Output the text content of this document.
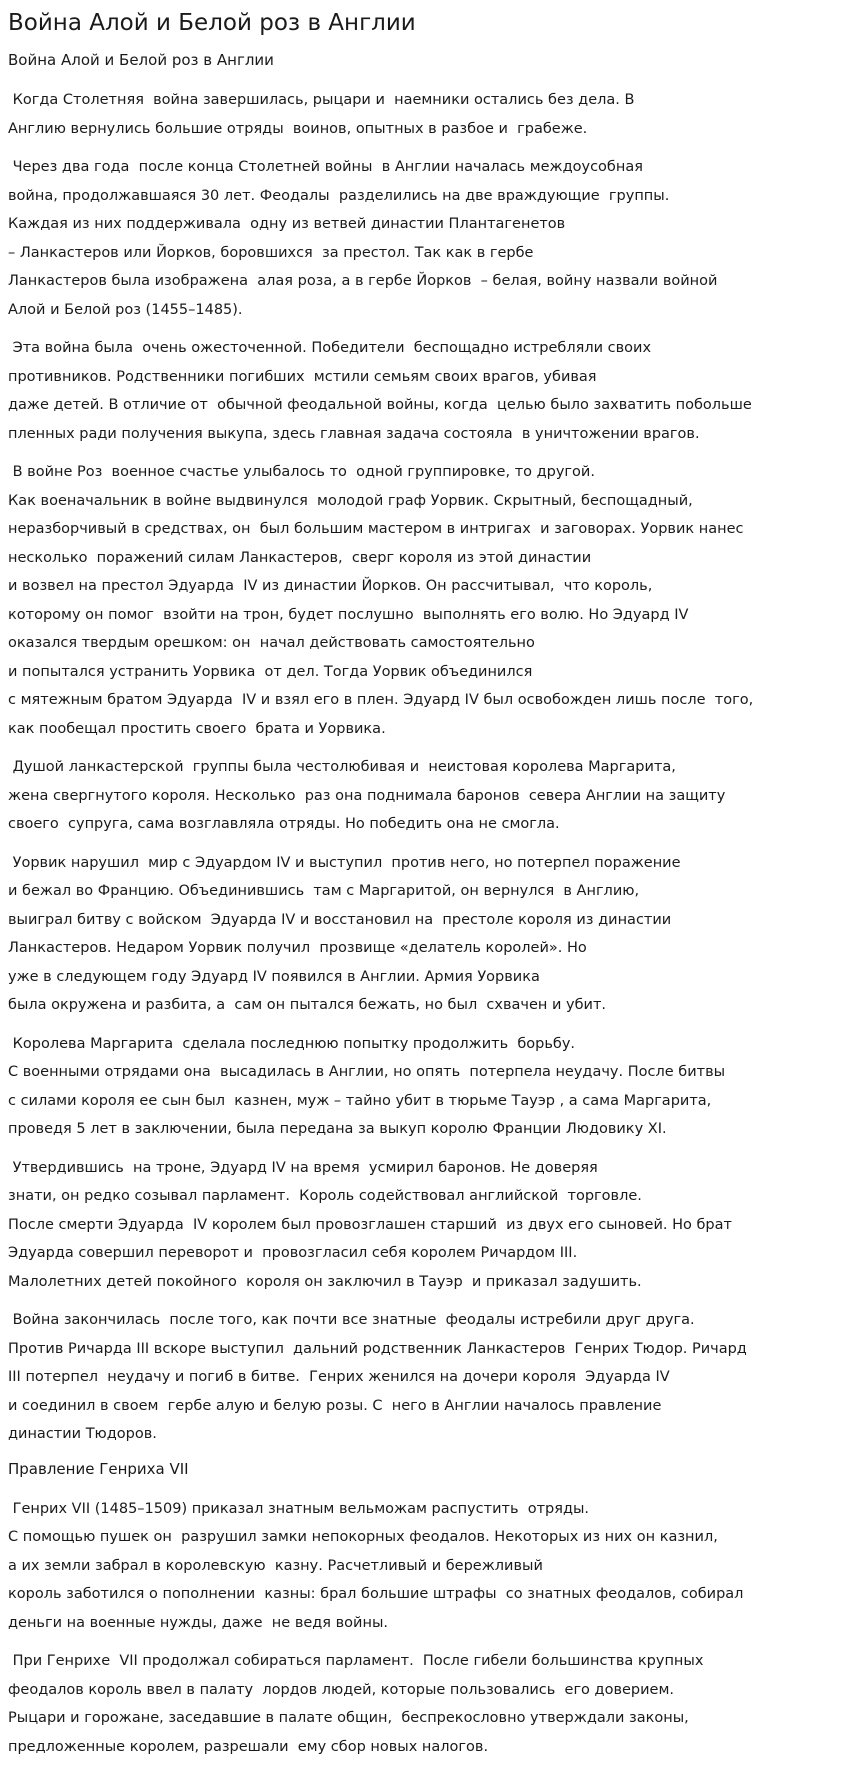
Война Алой и Белой роз в Англии
Война Алой и Белой роз в Англии
Когда Столетняя  война завершилась, рыцари и  наемники остались без дела. В
Англию вернулись большие отряды  воинов, опытных в разбое и  грабеже.
Через два года  после конца Столетней войны  в Англии началась междоусобная
война, продолжавшаяся 30 лет. Феодалы  разделились на две враждующие  группы.
Каждая из них поддерживала  одну из ветвей династии Плантагенетов
– Ланкастеров или Йорков, боровшихся  за престол. Так как в гербе
Ланкастеров была изображена  алая роза, а в гербе Йорков  – белая, войну назвали войной
Алой и Белой роз (1455–1485).
Эта война была  очень ожесточенной. Победители  беспощадно истребляли своих
противников. Родственники погибших  мстили семьям своих врагов, убивая
даже детей. В отличие от  обычной феодальной войны, когда  целью было захватить побольше
пленных ради получения выкупа, здесь главная задача состояла  в уничтожении врагов.
В войне Роз  военное счастье улыбалось то  одной группировке, то другой.
Как военачальник в войне выдвинулся  молодой граф Уорвик. Скрытный, беспощадный,
неразборчивый в средствах, он  был большим мастером в интригах  и заговорах. Уорвик нанес
несколько  поражений силам Ланкастеров,  сверг короля из этой династии
и возвел на престол Эдуарда  IV из династии Йорков. Он рассчитывал,  что король,
которому он помог  взойти на трон, будет послушно  выполнять его волю. Но Эдуард IV
оказался твердым орешком: он  начал действовать самостоятельно
и попытался устранить Уорвика  от дел. Тогда Уорвик объединился
с мятежным братом Эдуарда  IV и взял его в плен. Эдуард IV был освобожден лишь после  того,
как пообещал простить своего  брата и Уорвика.
Душой ланкастерской  группы была честолюбивая и  неистовая королева Маргарита,
жена свергнутого короля. Несколько  раз она поднимала баронов  севера Англии на защиту
своего  супруга, сама возглавляла отряды. Но победить она не смогла.
Уорвик нарушил  мир с Эдуардом IV и выступил  против него, но потерпел поражение
и бежал во Францию. Объединившись  там с Маргаритой, он вернулся  в Англию,
выиграл битву с войском  Эдуарда IV и восстановил на  престоле короля из династии
Ланкастеров. Недаром Уорвик получил  прозвище «делатель королей». Но
уже в следующем году Эдуард IV появился в Англии. Армия Уорвика
была окружена и разбита, а  сам он пытался бежать, но был  схвачен и убит.
Королева Маргарита  сделала последнюю попытку продолжить  борьбу.
С военными отрядами она  высадилась в Англии, но опять  потерпела неудачу. После битвы
с силами короля ее сын был  казнен, муж – тайно убит в тюрьме Тауэр , а сама Маргарита,
проведя 5 лет в заключении, была передана за выкуп королю Франции Людовику XI.
Утвердившись  на троне, Эдуард IV на время  усмирил баронов. Не доверяя
знати, он редко созывал парламент.  Король содействовал английской  торговле.
После смерти Эдуарда  IV королем был провозглашен старший  из двух его сыновей. Но брат
Эдуарда совершил переворот и  провозгласил себя королем Ричардом III.
Малолетних детей покойного  короля он заключил в Тауэр  и приказал задушить.
Война закончилась  после того, как почти все знатные  феодалы истребили друг друга.
Против Ричарда III вскоре выступил  дальний родственник Ланкастеров  Генрих Тюдор. Ричард
III потерпел  неудачу и погиб в битве.  Генрих женился на дочери короля  Эдуарда IV
и соединил в своем  гербе алую и белую розы. С  него в Англии началось правление
династии Тюдоров.
Правление Генриха VII
Генрих VII (1485–1509) приказал знатным вельможам распустить  отряды.
С помощью пушек он  разрушил замки непокорных феодалов. Некоторых из них он казнил,
а их земли забрал в королевскую  казну. Расчетливый и бережливый
король заботился о пополнении  казны: брал большие штрафы  со знатных феодалов, собирал
деньги на военные нужды, даже  не ведя войны.
При Генрихе  VII продолжал собираться парламент.  После гибели большинства крупных
феодалов король ввел в палату  лордов людей, которые пользовались  его доверием.
Рыцари и горожане, заседавшие в палате общин,  беспрекословно утверждали законы,
предложенные королем, разрешали  ему сбор новых налогов.
